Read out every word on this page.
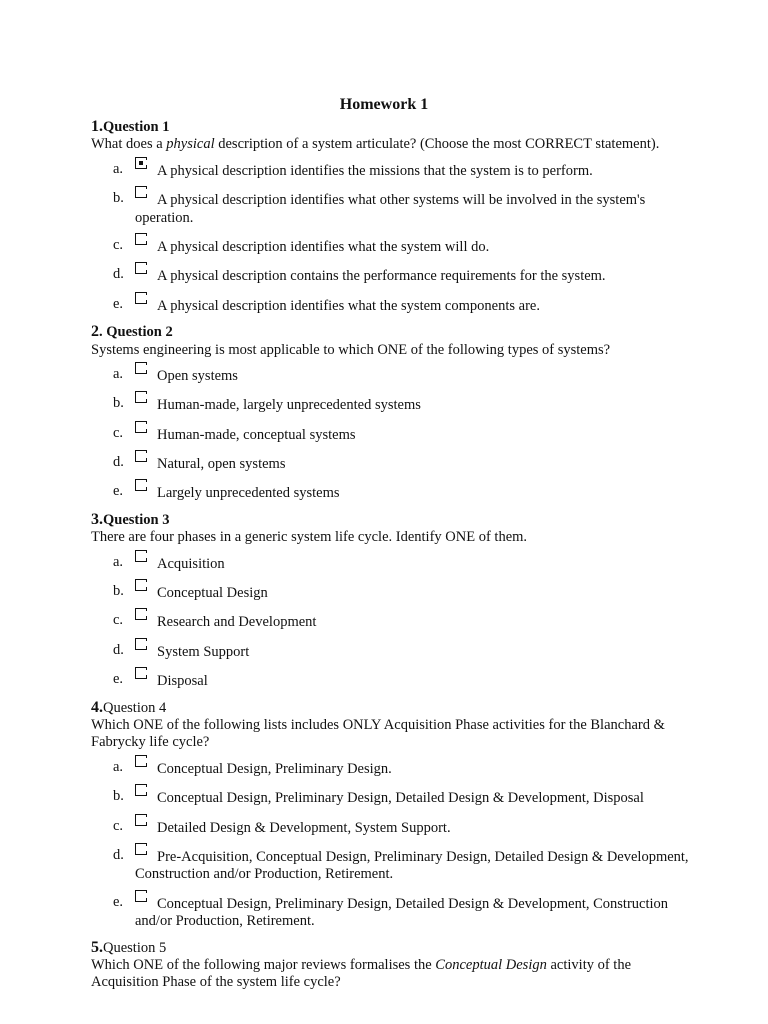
Homework 1
1.Question 1
What does a physical description of a system articulate? (Choose the most CORRECT statement).
a. A physical description identifies the missions that the system is to perform.
b. A physical description identifies what other systems will be involved in the system's operation.
c. A physical description identifies what the system will do.
d. A physical description contains the performance requirements for the system.
e. A physical description identifies what the system components are.
2. Question 2
Systems engineering is most applicable to which ONE of the following types of systems?
a. Open systems
b. Human-made, largely unprecedented systems
c. Human-made, conceptual systems
d. Natural, open systems
e. Largely unprecedented systems
3.Question 3
There are four phases in a generic system life cycle. Identify ONE of them.
a. Acquisition
b. Conceptual Design
c. Research and Development
d. System Support
e. Disposal
4.Question 4
Which ONE of the following lists includes ONLY Acquisition Phase activities for the Blanchard & Fabrycky life cycle?
a. Conceptual Design, Preliminary Design.
b. Conceptual Design, Preliminary Design, Detailed Design & Development, Disposal
c. Detailed Design & Development, System Support.
d. Pre-Acquisition, Conceptual Design, Preliminary Design, Detailed Design & Development, Construction and/or Production, Retirement.
e. Conceptual Design, Preliminary Design, Detailed Design & Development, Construction and/or Production, Retirement.
5.Question 5
Which ONE of the following major reviews formalises the Conceptual Design activity of the Acquisition Phase of the system life cycle?
